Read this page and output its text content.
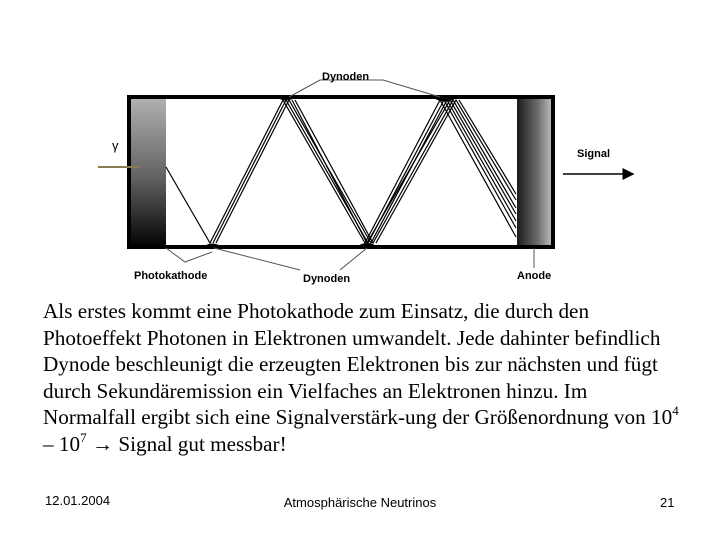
γ
Dynoden
Dynoden
Photokathode	Anode
Signal

Als erstes kommt eine Photokathode zum Einsatz, die durch den Photoeffekt Photonen in Elektronen umwandelt. Jede dahinter befindlich Dynode beschleunigt die erzeugten Elektronen bis zur nächsten und fügt durch Sekundäremission ein Vielfaches an Elektronen hinzu. Im Normalfall ergibt sich eine Signalverstärk-ung der Größenordnung von $10^4 - 10^7$ → Signal gut messbar!

12.01.2004	Atmosphärische Neutrinos	21
